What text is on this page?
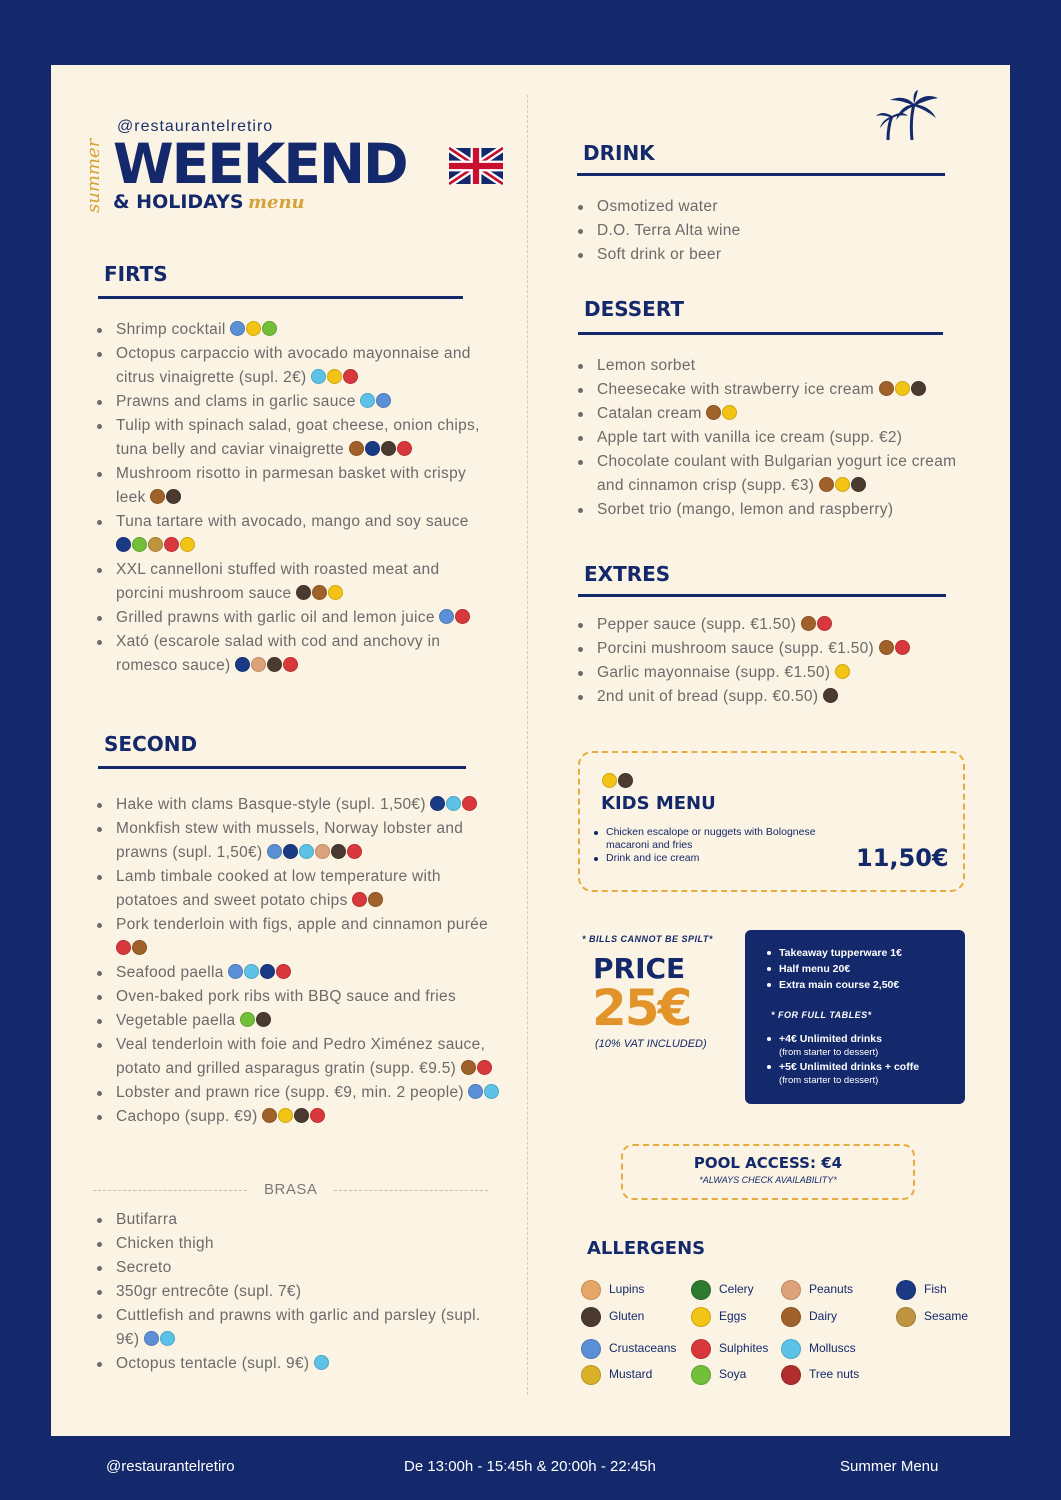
summer
@restaurantelretiro
WEEKEND
& HOLIDAYS menu
FIRTS
Shrimp cocktail
Octopus carpaccio with avocado mayonnaise and citrus vinaigrette (supl. 2€)
Prawns and clams in garlic sauce
Tulip with spinach salad, goat cheese, onion chips, tuna belly and caviar vinaigrette
Mushroom risotto in parmesan basket with crispy leek
Tuna tartare with avocado, mango and soy sauce
XXL cannelloni stuffed with roasted meat and porcini mushroom sauce
Grilled prawns with garlic oil and lemon juice
Xató (escarole salad with cod and anchovy in romesco sauce)
SECOND
Hake with clams Basque-style (supl. 1,50€)
Monkfish stew with mussels, Norway lobster and prawns (supl. 1,50€)
Lamb timbale cooked at low temperature with potatoes and sweet potato chips
Pork tenderloin with figs, apple and cinnamon purée
Seafood paella
Oven-baked pork ribs with BBQ sauce and fries
Vegetable paella
Veal tenderloin with foie and Pedro Ximénez sauce, potato and grilled asparagus gratin (supp. €9.5)
Lobster and prawn rice (supp. €9, min. 2 people)
Cachopo (supp. €9)
BRASA
Butifarra
Chicken thigh
Secreto
350gr entrecôte (supl. 7€)
Cuttlefish and prawns with garlic and parsley (supl. 9€)
Octopus tentacle (supl. 9€)
DRINK
Osmotized water
D.O. Terra Alta wine
Soft drink or beer
DESSERT
Lemon sorbet
Cheesecake with strawberry ice cream
Catalan cream
Apple tart with vanilla ice cream (supp. €2)
Chocolate coulant with Bulgarian yogurt ice cream and cinnamon crisp (supp. €3)
Sorbet trio (mango, lemon and raspberry)
EXTRES
Pepper sauce (supp. €1.50)
Porcini mushroom sauce (supp. €1.50)
Garlic mayonnaise (supp. €1.50)
2nd unit of bread (supp. €0.50)
KIDS MENU
Chicken escalope or nuggets with Bolognese macaroni and fries
Drink and ice cream	11,50€
* BILLS CANNOT BE SPILT*
PRICE
25€
(10% VAT INCLUDED)
Takeaway tupperware 1€
Half menu 20€
Extra main course 2,50€
* FOR FULL TABLES*
+4€ Unlimited drinks
(from starter to dessert)
+5€ Unlimited drinks + coffe
(from starter to dessert)
POOL ACCESS: €4
*ALWAYS CHECK AVAILABILITY*
ALLERGENS
Lupins	Celery	Peanuts	Fish
Gluten	Eggs	Dairy	Sesame
Crustaceans	Sulphites	Molluscs
Mustard	Soya	Tree nuts
@restaurantelretiro	De 13:00h - 15:45h & 20:00h - 22:45h	Summer Menu
